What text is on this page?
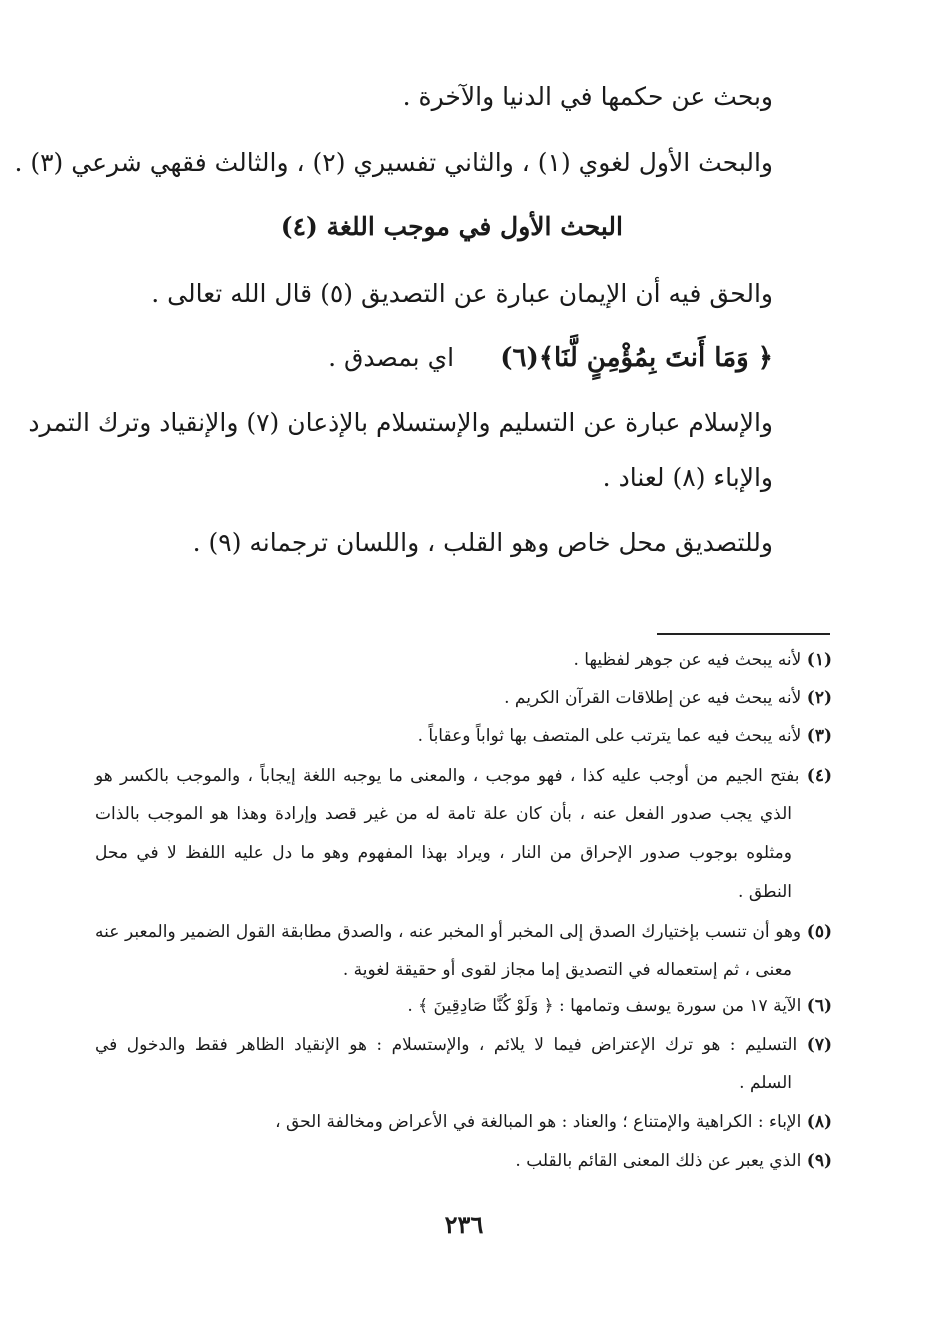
وبحث عن حكمها في الدنيا والآخرة .
والبحث الأول لغوي (١) ، والثاني تفسيري (٢) ، والثالث فقهي شرعي (٣) .
البحث الأول في موجب اللغة (٤)
والحق فيه أن الإيمان عبارة عن التصديق (٥) قال الله تعالى .
﴿ وَمَا أَنتَ بِمُؤْمِنٍ لَّنَا﴾(٦)  اي بمصدق .
والإسلام عبارة عن التسليم والإستسلام بالإذعان (٧) والإنقياد وترك التمرد
والإباء (٨) لعناد .
وللتصديق محل خاص وهو القلب ، واللسان ترجمانه (٩) .
(١) لأنه يبحث فيه عن جوهر لفظيها .
(٢) لأنه يبحث فيه عن إطلاقات القرآن الكريم .
(٣) لأنه يبحث فيه عما يترتب على المتصف بها ثواباً وعقاباً .
(٤) بفتح الجيم من أوجب عليه كذا ، فهو موجب ، والمعنى ما يوجبه اللغة إيجاباً ، والموجب بالكسر هو
الذي يجب صدور الفعل عنه ، بأن كان علة تامة له من غير قصد وإرادة وهذا هو الموجب بالذات
ومثلوه بوجوب صدور الإحراق من النار ، ويراد بهذا المفهوم وهو ما دل عليه اللفظ لا في محل
النطق .
(٥) وهو أن تنسب بإختيارك الصدق إلى المخبر أو المخبر عنه ، والصدق مطابقة القول الضمير والمعبر عنه
معنى ، ثم إستعماله في التصديق إما مجاز لقوى أو حقيقة لغوية .
(٦) الآية ١٧ من سورة يوسف وتمامها : ﴿ وَلَوْ كُنَّا صَادِقِينَ ﴾ .
(٧) التسليم : هو ترك الإعتراض فيما لا يلائم ، والإستسلام : هو الإنقياد الظاهر فقط والدخول في
السلم .
(٨) الإباء : الكراهية والإمتناع ؛ والعناد : هو المبالغة في الأعراض ومخالفة الحق ،
(٩) الذي يعبر عن ذلك المعنى القائم بالقلب .
٢٣٦
